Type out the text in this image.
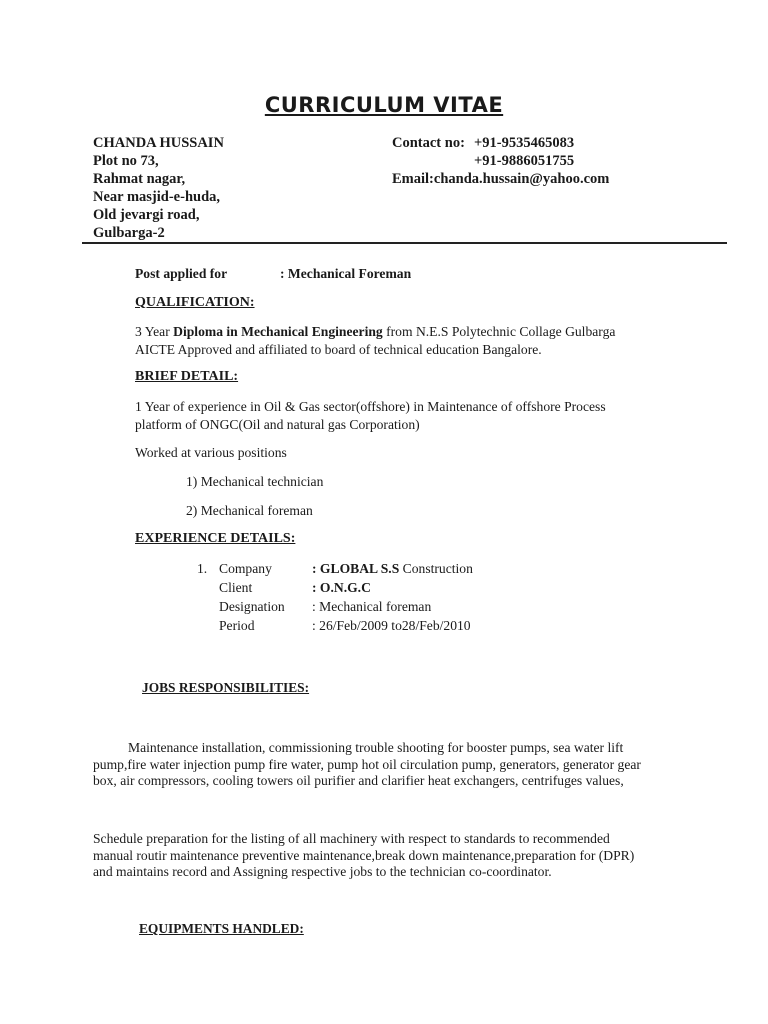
CURRICULUM VITAE
CHANDA HUSSAIN
Plot no 73,
Rahmat nagar,
Near masjid-e-huda,
Old jevargi road,
Gulbarga-2
Contact no: +91-9535465083
+91-9886051755
Email:chanda.hussain@yahoo.com
Post applied for	: Mechanical Foreman
QUALIFICATION:
3 Year Diploma in Mechanical Engineering from N.E.S Polytechnic Collage Gulbarga
AICTE Approved and affiliated to board of technical education Bangalore.
BRIEF DETAIL:
1 Year of experience in Oil & Gas sector(offshore) in Maintenance of offshore Process
platform of ONGC(Oil and natural gas Corporation)
Worked at various positions
1) Mechanical technician
2) Mechanical foreman
EXPERIENCE DETAILS:
1. Company	: GLOBAL S.S Construction
Client	: O.N.G.C
Designation : Mechanical foreman
Period	: 26/Feb/2009 to28/Feb/2010
JOBS RESPONSIBILITIES:
Maintenance installation, commissioning trouble shooting for booster pumps, sea water lift
pump,fire water injection pump fire water, pump hot oil circulation pump, generators, generator gear
box, air compressors, cooling towers oil purifier and clarifier heat exchangers, centrifuges values,
Schedule preparation for the listing of all machinery with respect to standards to recommended
manual routir maintenance preventive maintenance,break down maintenance,preparation for (DPR)
and maintains record and Assigning respective jobs to the technician co-coordinator.
EQUIPMENTS HANDLED:
